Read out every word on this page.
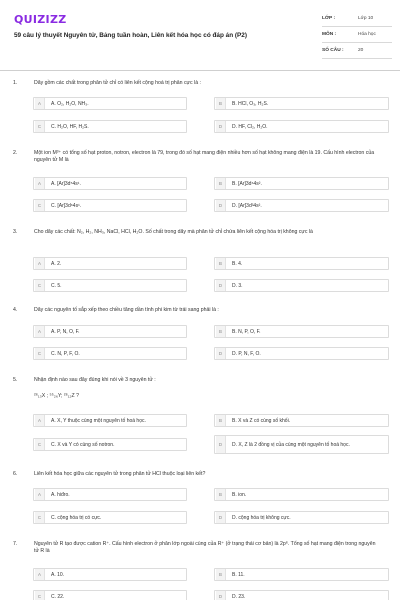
QUIZIZZ
59 câu lý thuyết Nguyên tử, Bảng tuần hoàn, Liên kết hóa học có đáp án (P2)
LỚP :	Lớp 10
MÔN :	Hóa học
SỐ CÂU :	20
1.	Dãy gồm các chất trong phân tử chỉ có liên kết cộng hoá trị phân cực là :
A	A. O₂, H₂O, NH₃.	B	B. HCl, O₃, H₂S.
C	C. H₂O, HF, H₂S.	D	D. HF, Cl₂, H₂O.
2.	Một ion M³⁺ có tổng số hạt proton, notron, electron là 79, trong đó số hạt mang điện nhiều hơn số hạt không mang điện là 19. Cấu hình electron của nguyên tử M là
A	A. [Ar]3d⁵4s¹.	B	B. [Ar]3d⁶4s².
C	C. [Ar]3d⁶4s¹.	D	D. [Ar]3d³4s².
3.	Cho dãy các chất: N₂, H₂, NH₃, NaCl, HCl, H₂O. Số chất trong dãy mà phân tử chỉ chứa liên kết cộng hóa trị không cực là
A	A. 2.	B	B. 4.
C	C. 5.	D	D. 3.
4.	Dãy các nguyên tố sắp xếp theo chiều tăng dần tính phi kim từ trái sang phải là :
A	A. P, N, O, F.	B	B. N, P, O, F.
C	C. N, P, F, O.	D	D. P, N, F, O.
5.	Nhận định nào sau đây đúng khi nói về 3 nguyên tử :
²⁶₁₃X ; ⁵⁵₂₆Y; ²⁶₁₂Z ?
A	A. X, Y thuộc cùng một nguyên tố hoá học.	B	B. X và Z có cùng số khối.
C	C. X và Y có cùng số notron.	D	D. X, Z là 2 đồng vị của cùng một nguyên tố hoá học.
6.	Liên kết hóa học giữa các nguyên tử trong phân tử HCl thuộc loại liên kết?
A	A. hiđro.	B	B. ion.
C	C. cộng hóa trị có cực.	D	D. cộng hóa trị không cực.
7.	Nguyên tử R tạo được cation R⁺. Cấu hình electron ở phân lớp ngoài cùng của R⁺ (ở trạng thái cơ bản) là 2p⁶. Tổng số hạt mang điện trong nguyên tử R là
A	A. 10.	B	B. 11.
C	C. 22.	D	D. 23.
